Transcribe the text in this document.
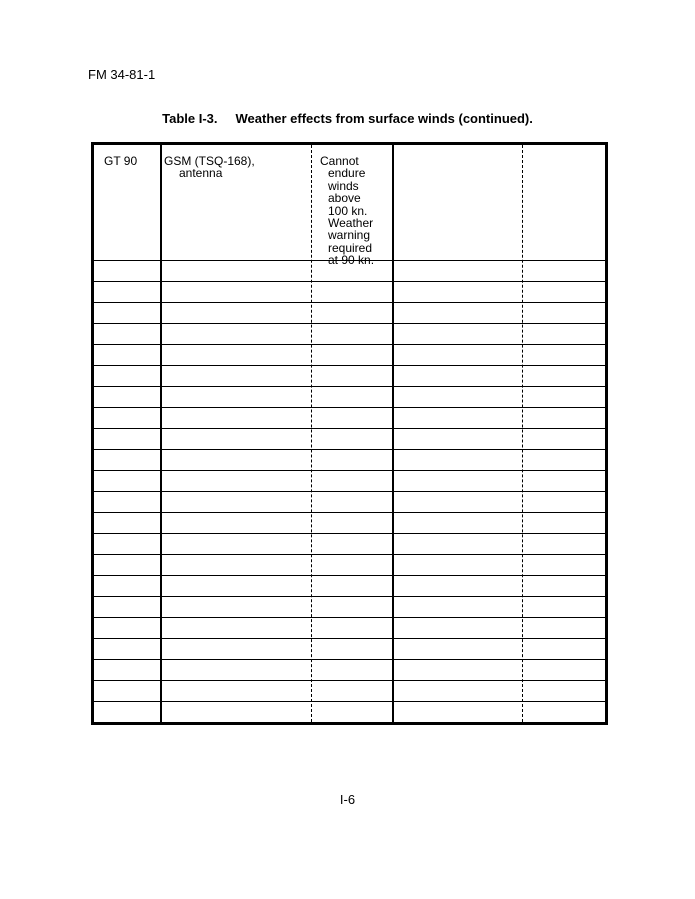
FM 34-81-1
Table I-3. Weather effects from surface winds (continued).
GT 90 GSM (TSQ-168),
antenna
Cannot
endure
winds
above
100 kn.
Weather
warning
required
at 90 kn.
I-6
